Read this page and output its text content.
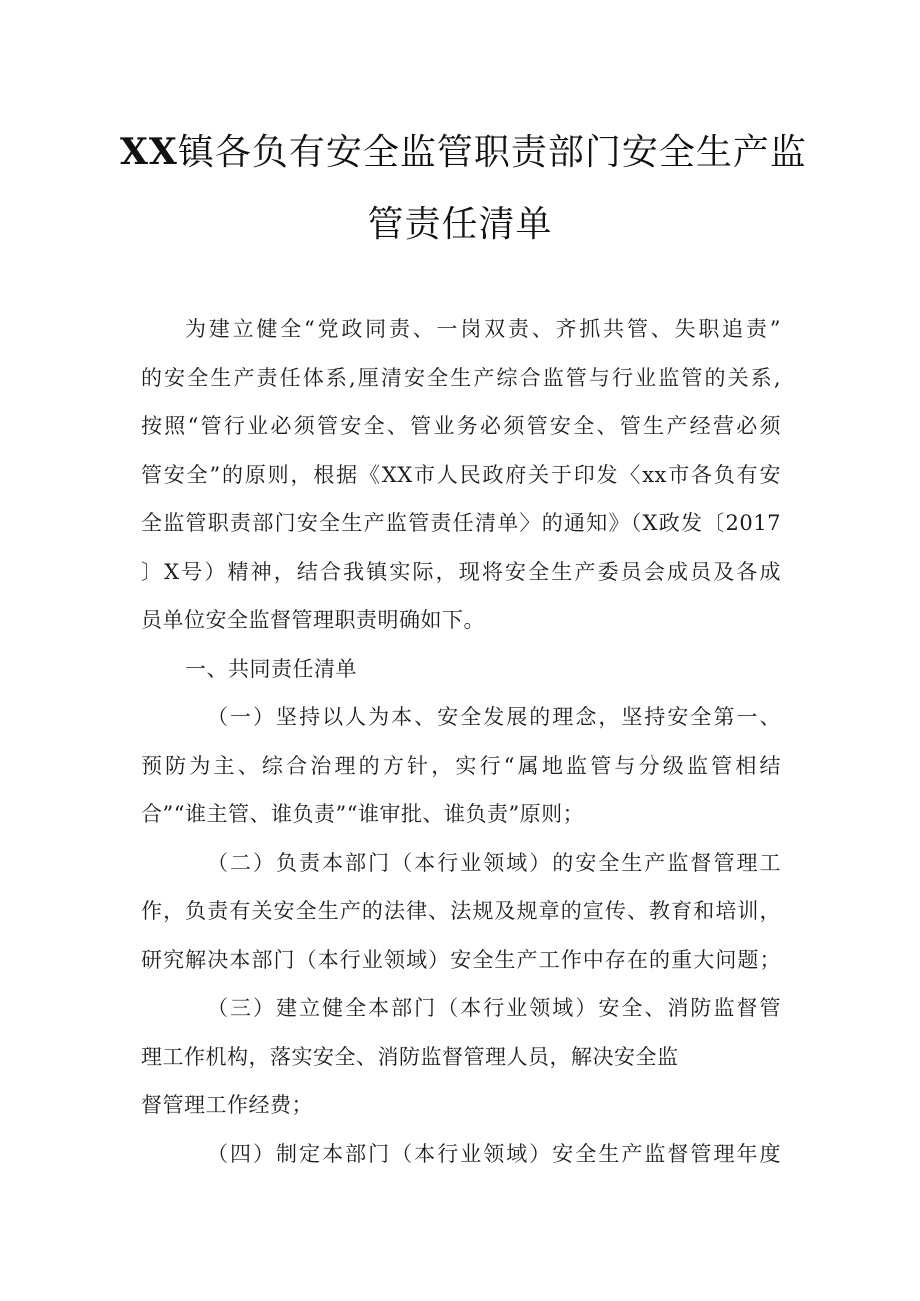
XX镇各负有安全监管职责部门安全生产监
管责任清单
为建立健全“党政同责、一岗双责、齐抓共管、失职追责”
的安全生产责任体系,厘清安全生产综合监管与行业监管的关系,
按照“管行业必须管安全、管业务必须管安全、管生产经营必须
管安全”的原则，根据《XX市人民政府关于印发〈xx市各负有安
全监管职责部门安全生产监管责任清单〉的通知》（X政发〔2017
〕X号）精神，结合我镇实际，现将安全生产委员会成员及各成
员单位安全监督管理职责明确如下。
一、共同责任清单
（一）坚持以人为本、安全发展的理念，坚持安全第一、
预防为主、综合治理的方针，实行“属地监管与分级监管相结
合”“谁主管、谁负责”“谁审批、谁负责”原则；
（二）负责本部门（本行业领域）的安全生产监督管理工
作，负责有关安全生产的法律、法规及规章的宣传、教育和培训，
研究解决本部门（本行业领域）安全生产工作中存在的重大问题；
（三）建立健全本部门（本行业领域）安全、消防监督管
理工作机构，落实安全、消防监督管理人员，解决安全监
督管理工作经费；
（四）制定本部门（本行业领域）安全生产监督管理年度
